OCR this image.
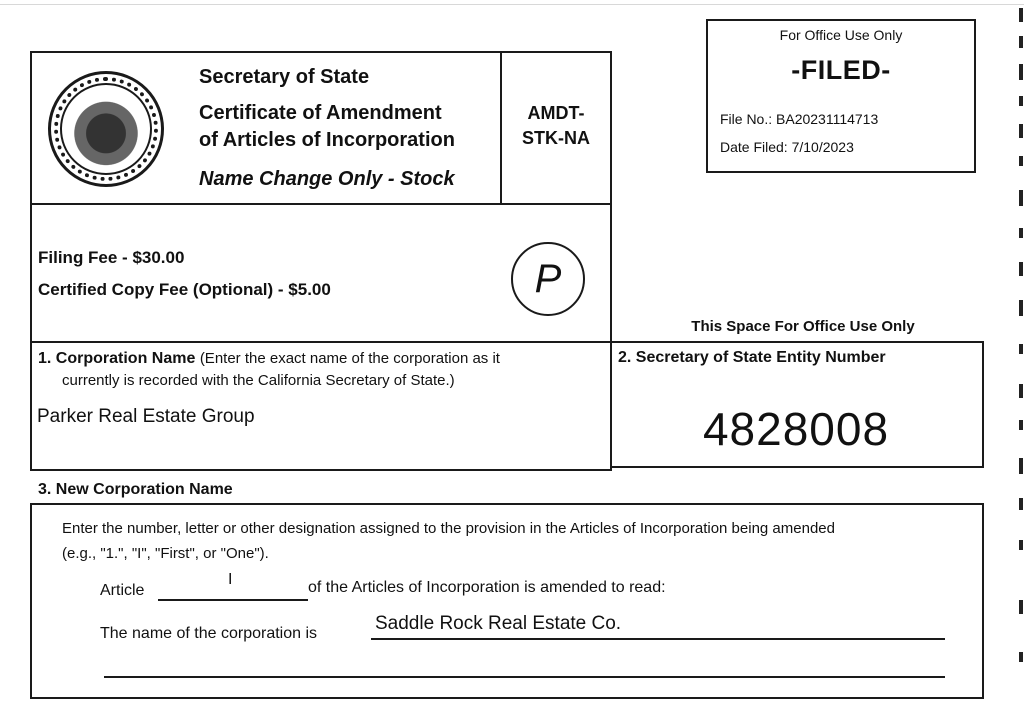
For Office Use Only
-FILED-
File No.: BA20231114713
Date Filed: 7/10/2023
Secretary of State
Certificate of Amendment
of Articles of Incorporation
Name Change Only - Stock
AMDT-
STK-NA
Filing Fee - $30.00
Certified Copy Fee (Optional) - $5.00	P
This Space For Office Use Only
1. Corporation Name (Enter the exact name of the corporation as it
currently is recorded with the California Secretary of State.)
Parker Real Estate Group
2. Secretary of State Entity Number
4828008
3. New Corporation Name
Enter the number, letter or other designation assigned to the provision in the Articles of Incorporation being amended
(e.g., "1.", "I", "First", or "One").
Article
I	of the Articles of Incorporation is amended to read:
The name of the corporation is	Saddle Rock Real Estate Co.
